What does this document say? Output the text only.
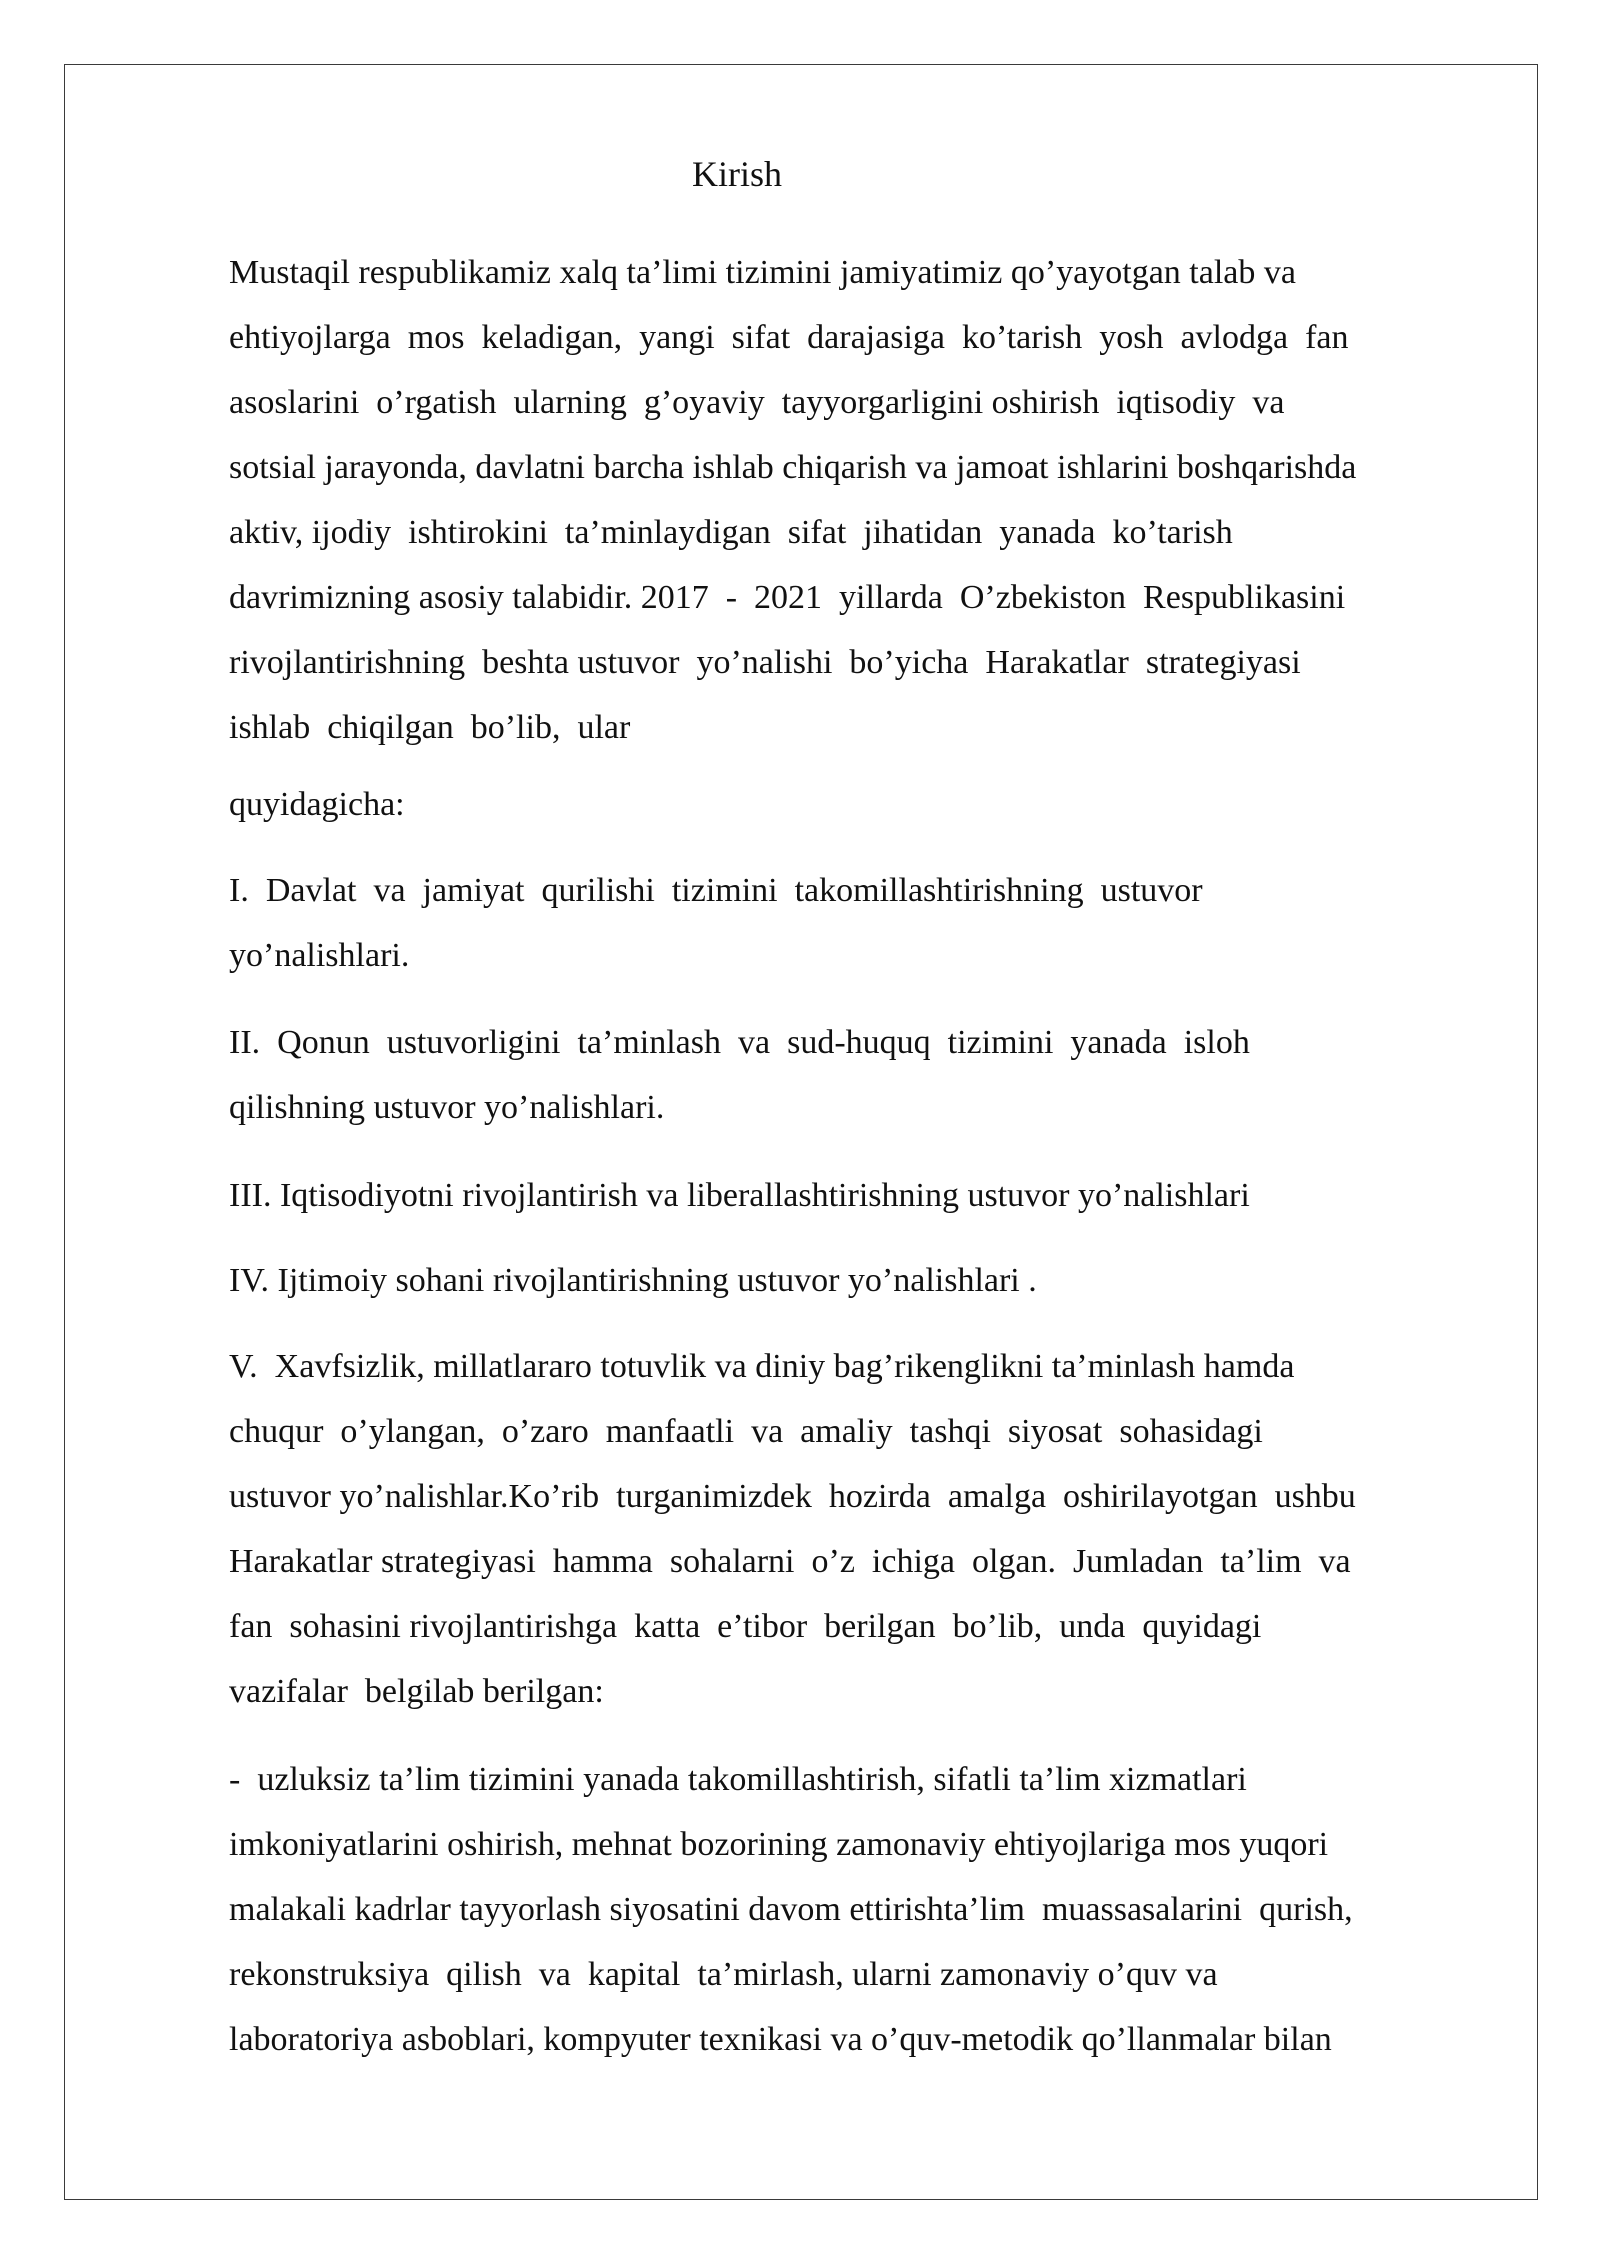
Kirish

Mustaqil respublikamiz xalq ta’limi tizimini jamiyatimiz qo’yayotgan talab va
ehtiyojlarga  mos  keladigan,  yangi  sifat  darajasiga  ko’tarish  yosh  avlodga  fan
asoslarini  o’rgatish  ularning  g’oyaviy  tayyorgarligini oshirish  iqtisodiy  va
sotsial jarayonda, davlatni barcha ishlab chiqarish va jamoat ishlarini boshqarishda
aktiv, ijodiy  ishtirokini  ta’minlaydigan  sifat  jihatidan  yanada  ko’tarish
davrimizning asosiy talabidir. 2017  -  2021  yillarda  O’zbekiston  Respublikasini
rivojlantirishning  beshta ustuvor  yo’nalishi  bo’yicha  Harakatlar  strategiyasi
ishlab  chiqilgan  bo’lib,  ular

quyidagicha:

I.  Davlat  va  jamiyat  qurilishi  tizimini  takomillashtirishning  ustuvor
yo’nalishlari.

II.  Qonun  ustuvorligini  ta’minlash  va  sud-huquq  tizimini  yanada  isloh
qilishning ustuvor yo’nalishlari.

III. Iqtisodiyotni rivojlantirish va liberallashtirishning ustuvor yo’nalishlari

IV. Ijtimoiy sohani rivojlantirishning ustuvor yo’nalishlari .

V.  Xavfsizlik, millatlararo totuvlik va diniy bag’rikenglikni ta’minlash hamda
chuqur  o’ylangan,  o’zaro  manfaatli  va  amaliy  tashqi  siyosat  sohasidagi
ustuvor yo’nalishlar.Ko’rib  turganimizdek  hozirda  amalga  oshirilayotgan  ushbu
Harakatlar strategiyasi  hamma  sohalarni  o’z  ichiga  olgan.  Jumladan  ta’lim  va
fan  sohasini rivojlantirishga  katta  e’tibor  berilgan  bo’lib,  unda  quyidagi
vazifalar  belgilab berilgan:

-  uzluksiz ta’lim tizimini yanada takomillashtirish, sifatli ta’lim xizmatlari
imkoniyatlarini oshirish, mehnat bozorining zamonaviy ehtiyojlariga mos yuqori
malakali kadrlar tayyorlash siyosatini davom ettirishta’lim  muassasalarini  qurish,
rekonstruksiya  qilish  va  kapital  ta’mirlash, ularni zamonaviy o’quv va
laboratoriya asboblari, kompyuter texnikasi va o’quv-metodik qo’llanmalar bilan
